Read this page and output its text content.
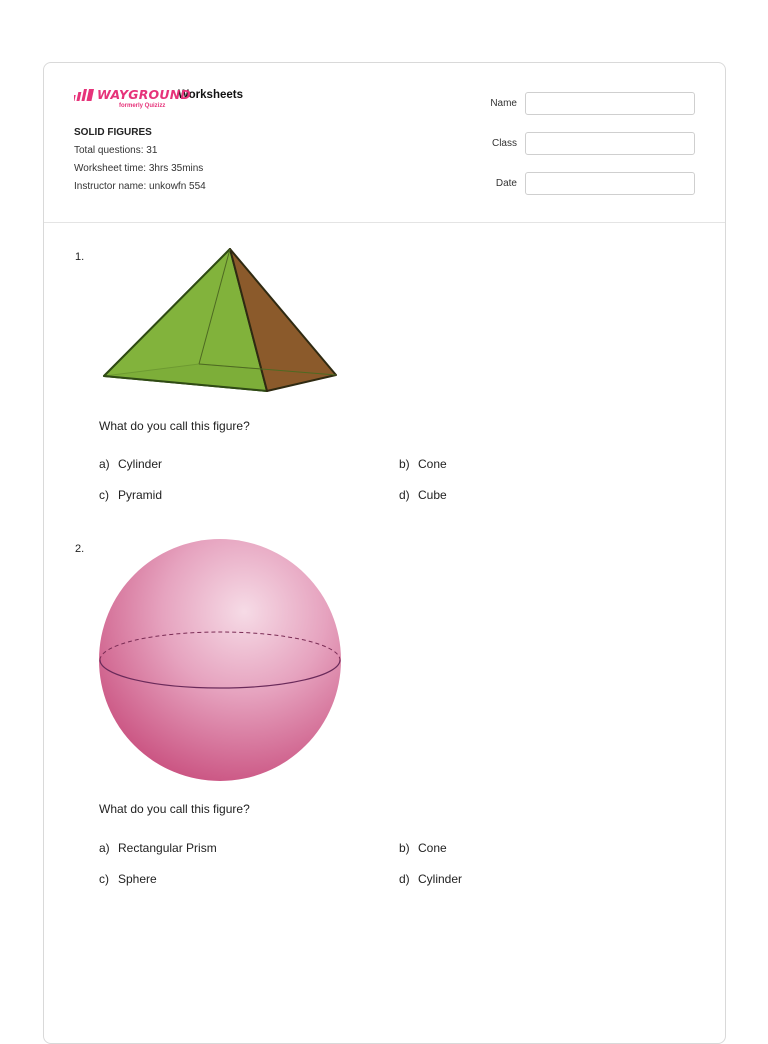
WAYGROUND
formerly Quizizz
Worksheets
SOLID FIGURES
Total questions: 31
Worksheet time: 3hrs 35mins
Instructor name: unkowfn 554
Name
Class
Date
1.
What do you call this figure?
a) Cylinder	b) Cone
c) Pyramid	d) Cube
2.
What do you call this figure?
a) Rectangular Prism	b) Cone
c) Sphere	d) Cylinder
